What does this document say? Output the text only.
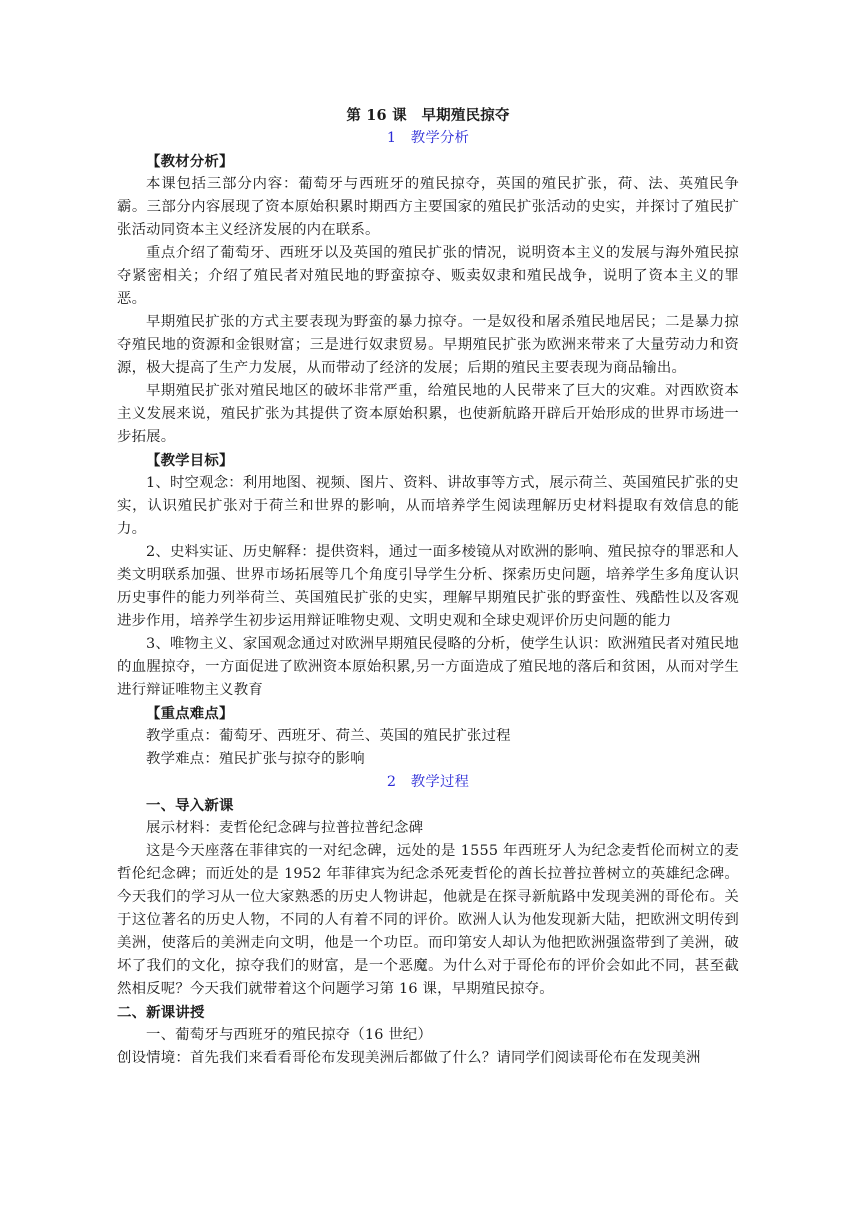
第 16 课　早期殖民掠夺

1　教学分析

【教材分析】

本课包括三部分内容：葡萄牙与西班牙的殖民掠夺，英国的殖民扩张，荷、法、英殖民争霸。三部分内容展现了资本原始积累时期西方主要国家的殖民扩张活动的史实，并探讨了殖民扩张活动同资本主义经济发展的内在联系。

重点介绍了葡萄牙、西班牙以及英国的殖民扩张的情况，说明资本主义的发展与海外殖民掠夺紧密相关；介绍了殖民者对殖民地的野蛮掠夺、贩卖奴隶和殖民战争，说明了资本主义的罪恶。

早期殖民扩张的方式主要表现为野蛮的暴力掠夺。一是奴役和屠杀殖民地居民；二是暴力掠夺殖民地的资源和金银财富；三是进行奴隶贸易。早期殖民扩张为欧洲来带来了大量劳动力和资源，极大提高了生产力发展，从而带动了经济的发展；后期的殖民主要表现为商品输出。

早期殖民扩张对殖民地区的破坏非常严重，给殖民地的人民带来了巨大的灾难。对西欧资本主义发展来说，殖民扩张为其提供了资本原始积累，也使新航路开辟后开始形成的世界市场进一步拓展。

【教学目标】

1、时空观念：利用地图、视频、图片、资料、讲故事等方式，展示荷兰、英国殖民扩张的史实，认识殖民扩张对于荷兰和世界的影响，从而培养学生阅读理解历史材料提取有效信息的能力。

2、史料实证、历史解释：提供资料，通过一面多棱镜从对欧洲的影响、殖民掠夺的罪恶和人类文明联系加强、世界市场拓展等几个角度引导学生分析、探索历史问题，培养学生多角度认识历史事件的能力列举荷兰、英国殖民扩张的史实，理解早期殖民扩张的野蛮性、残酷性以及客观进步作用，培养学生初步运用辩证唯物史观、文明史观和全球史观评价历史问题的能力

3、唯物主义、家国观念通过对欧洲早期殖民侵略的分析，使学生认识：欧洲殖民者对殖民地的血腥掠夺，一方面促进了欧洲资本原始积累,另一方面造成了殖民地的落后和贫困，从而对学生进行辩证唯物主义教育

【重点难点】

教学重点：葡萄牙、西班牙、荷兰、英国的殖民扩张过程

教学难点：殖民扩张与掠夺的影响

2　教学过程

一、导入新课

展示材料：麦哲伦纪念碑与拉普拉普纪念碑

这是今天座落在菲律宾的一对纪念碑，远处的是 1555 年西班牙人为纪念麦哲伦而树立的麦哲伦纪念碑；而近处的是 1952 年菲律宾为纪念杀死麦哲伦的酋长拉普拉普树立的英雄纪念碑。今天我们的学习从一位大家熟悉的历史人物讲起，他就是在探寻新航路中发现美洲的哥伦布。关于这位著名的历史人物，不同的人有着不同的评价。欧洲人认为他发现新大陆，把欧洲文明传到美洲，使落后的美洲走向文明，他是一个功臣。而印第安人却认为他把欧洲强盗带到了美洲，破坏了我们的文化，掠夺我们的财富，是一个恶魔。为什么对于哥伦布的评价会如此不同，甚至截然相反呢？今天我们就带着这个问题学习第 16 课，早期殖民掠夺。

二、新课讲授

一、葡萄牙与西班牙的殖民掠夺（16 世纪）

创设情境：首先我们来看看哥伦布发现美洲后都做了什么？请同学们阅读哥伦布在发现美洲
